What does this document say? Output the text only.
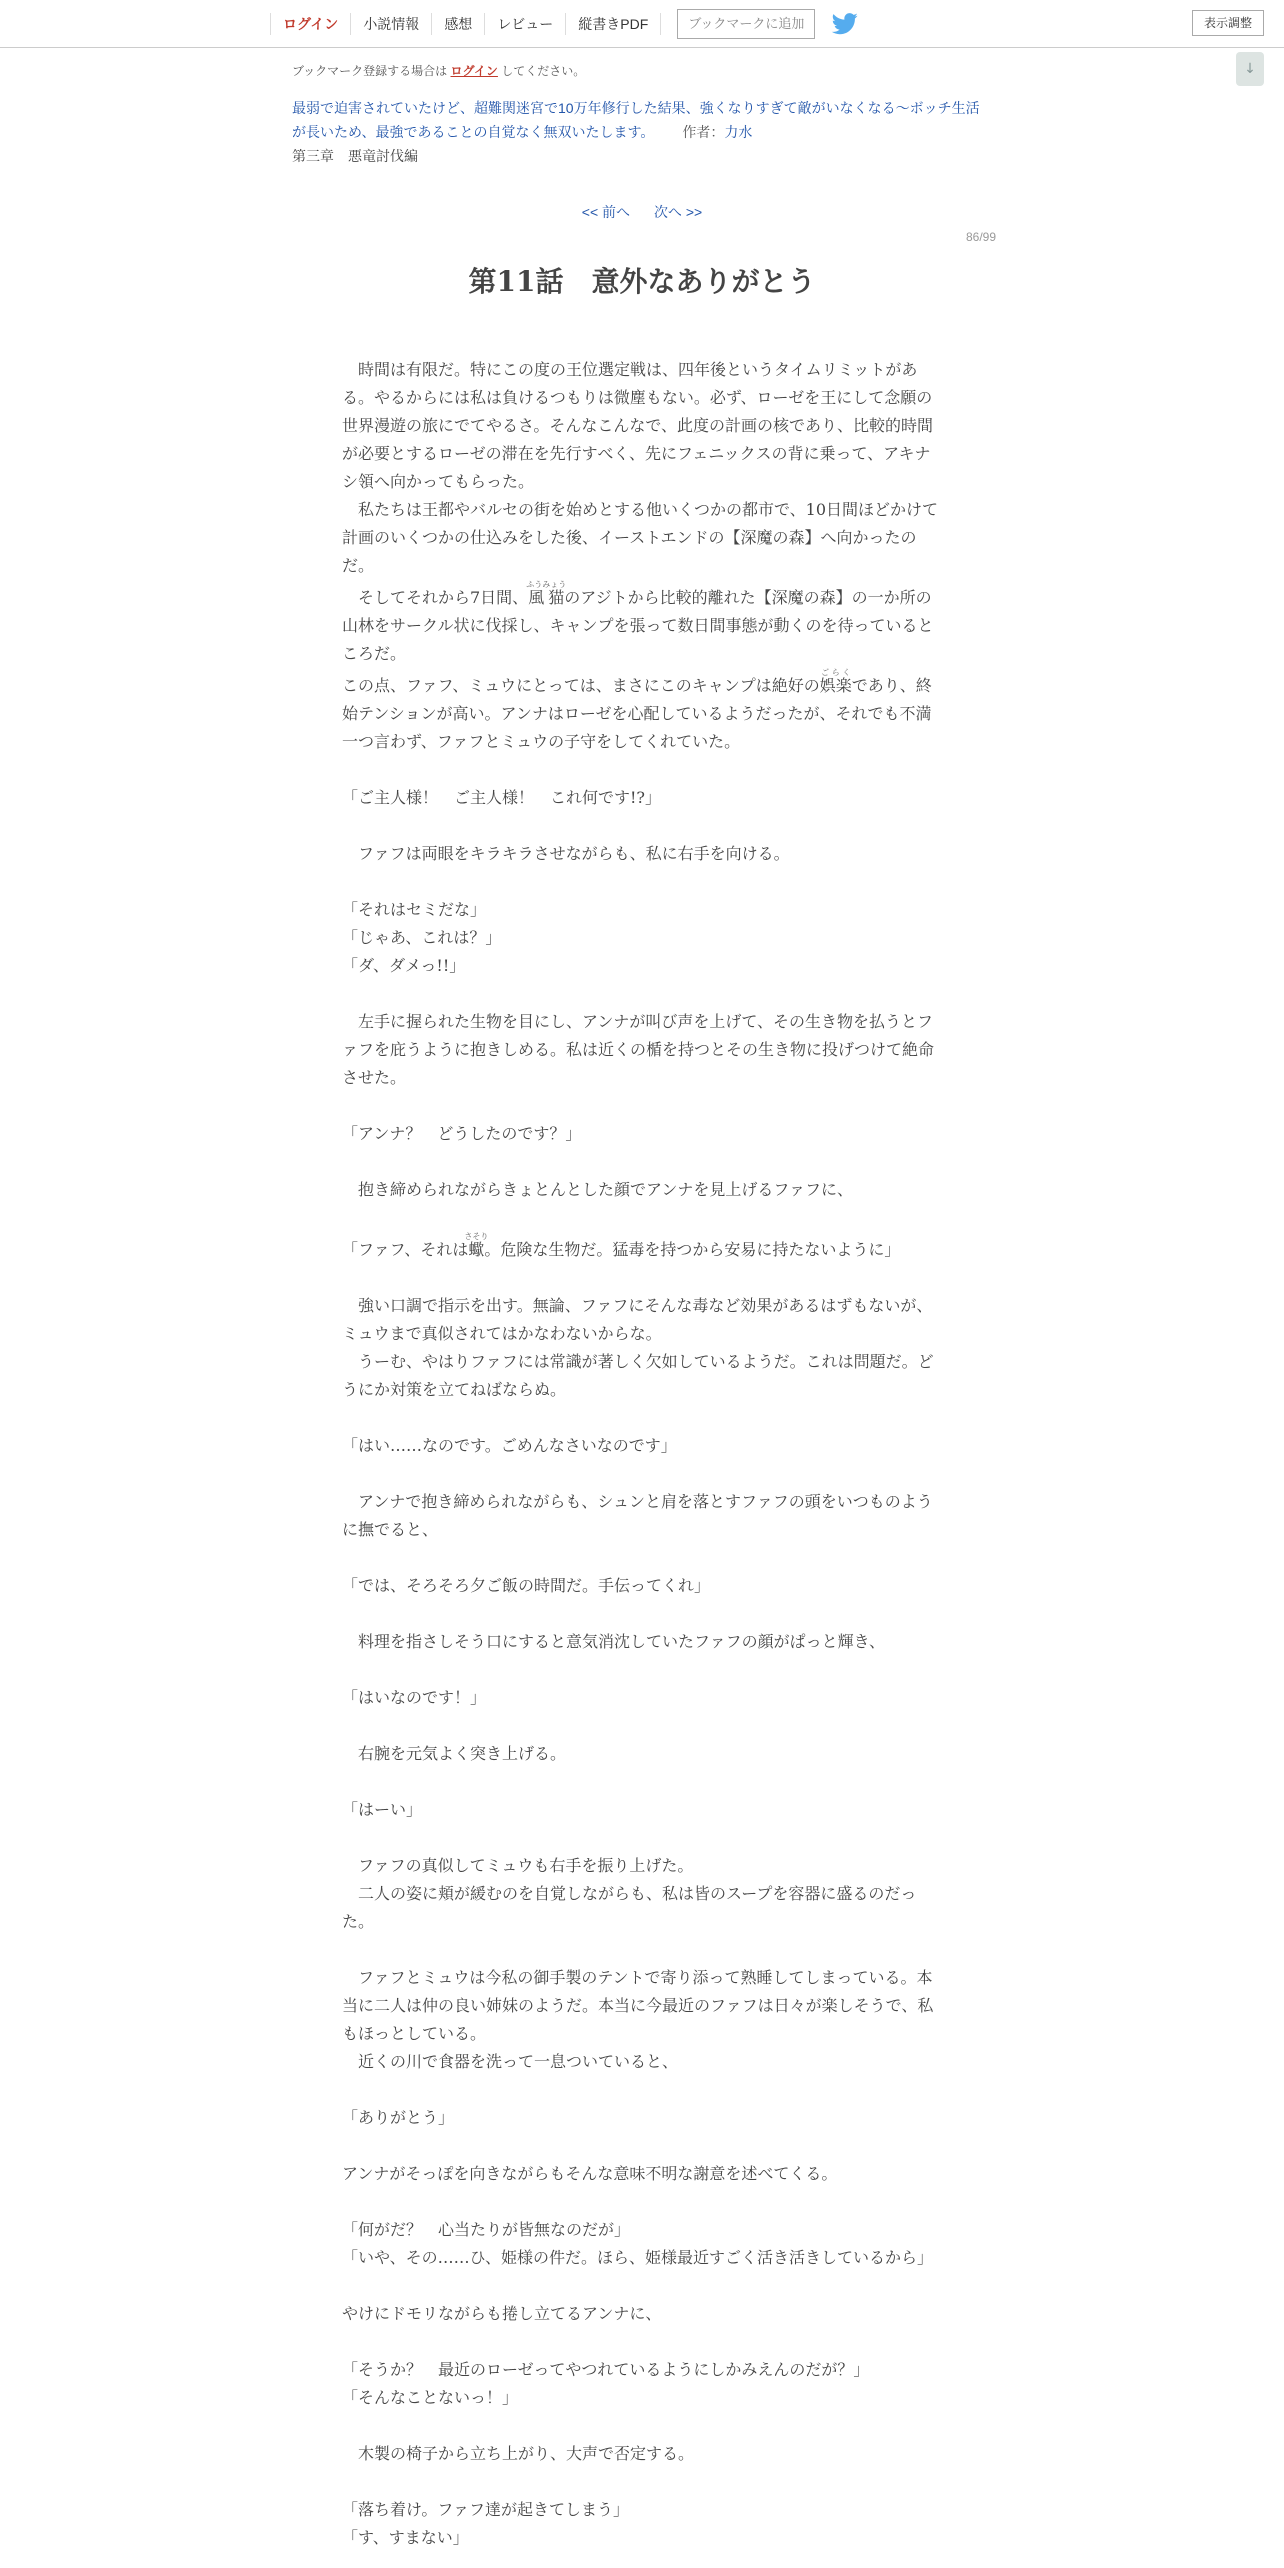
ログイン	小説情報	感想	レビュー	縦書きPDF	ブックマークに追加	表示調整
↓
ブックマーク登録する場合は ログイン してください。
最弱で迫害されていたけど、超難関迷宮で10万年修行した結果、強くなりすぎて敵がいなくなる～ボッチ生活が長いため、最強であることの自覚なく無双いたします。 作者：力水
第三章　悪竜討伐編
<< 前へ 次へ >>
86/99
第11話　意外なありがとう

　時間は有限だ。特にこの度の王位選定戦は、四年後というタイムリミットがある。やるからには私は負けるつもりは微塵もない。必ず、ローゼを王にして念願の世界漫遊の旅にでてやるさ。そんなこんなで、此度の計画の核であり、比較的時間が必要とするローゼの滞在を先行すべく、先にフェニックスの背に乗って、アキナシ領へ向かってもらった。

　私たちは王都やバルセの街を始めとする他いくつかの都市で、10日間ほどかけて計画のいくつかの仕込みをした後、イーストエンドの【深魔の森】へ向かったのだ。

　そしてそれから7日間、風猫ふうみょうのアジトから比較的離れた【深魔の森】の一か所の山林をサークル状に伐採し、キャンプを張って数日間事態が動くのを待っているところだ。

この点、ファフ、ミュウにとっては、まさにこのキャンプは絶好の娯楽ごらくであり、終始テンションが高い。アンナはローゼを心配しているようだったが、それでも不満一つ言わず、ファフとミュウの子守をしてくれていた。

「ご主人様！　ご主人様！　これ何です!?」

　ファフは両眼をキラキラさせながらも、私に右手を向ける。

「それはセミだな」

「じゃあ、これは？」

「ダ、ダメっ!!」

　左手に握られた生物を目にし、アンナが叫び声を上げて、その生き物を払うとファフを庇うように抱きしめる。私は近くの楯を持つとその生き物に投げつけて絶命させた。

「アンナ？　どうしたのです？」

　抱き締められながらきょとんとした顔でアンナを見上げるファフに、

「ファフ、それは蠍さそり。危険な生物だ。猛毒を持つから安易に持たないように」

　強い口調で指示を出す。無論、ファフにそんな毒など効果があるはずもないが、ミュウまで真似されてはかなわないからな。

　うーむ、やはりファフには常識が著しく欠如しているようだ。これは問題だ。どうにか対策を立てねばならぬ。

「はい……なのです。ごめんなさいなのです」

　アンナで抱き締められながらも、シュンと肩を落とすファフの頭をいつものように撫でると、

「では、そろそろ夕ご飯の時間だ。手伝ってくれ」

　料理を指さしそう口にすると意気消沈していたファフの顔がぱっと輝き、

「はいなのです！」

　右腕を元気よく突き上げる。

「はーい」

　ファフの真似してミュウも右手を振り上げた。

　二人の姿に頬が緩むのを自覚しながらも、私は皆のスープを容器に盛るのだった。

　ファフとミュウは今私の御手製のテントで寄り添って熟睡してしまっている。本当に二人は仲の良い姉妹のようだ。本当に今最近のファフは日々が楽しそうで、私もほっとしている。

　近くの川で食器を洗って一息ついていると、

「ありがとう」

アンナがそっぽを向きながらもそんな意味不明な謝意を述べてくる。

「何がだ？　心当たりが皆無なのだが」

「いや、その……ひ、姫様の件だ。ほら、姫様最近すごく活き活きしているから」

やけにドモリながらも捲し立てるアンナに、

「そうか？　最近のローゼってやつれているようにしかみえんのだが？」

「そんなことないっ！」

　木製の椅子から立ち上がり、大声で否定する。

「落ち着け。ファフ達が起きてしまう」

「す、すまない」
